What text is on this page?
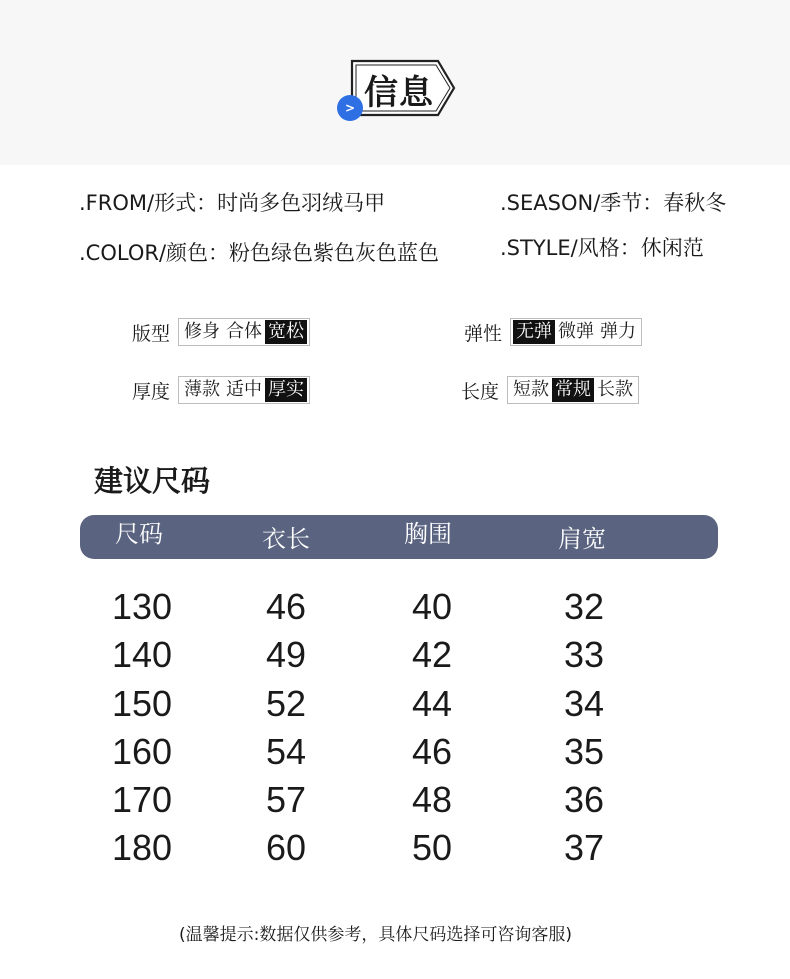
信息
>
.FROM/形式：时尚多色羽绒马甲
.COLOR/颜色：粉色绿色紫色灰色蓝色
.SEASON/季节：春秋冬
.STYLE/风格：休闲范
版型 修身 合体 宽松	弹性 无弹 微弹 弹力
厚度 薄款 适中 厚实	长度 短款 常规 长款
建议尺码
尺码	衣长	胸围	肩宽
130	46	40	32
140	49	42	33
150	52	44	34
160	54	46	35
170	57	48	36
180	60	50	37
(温馨提示:数据仅供参考，具体尺码选择可咨询客服)
